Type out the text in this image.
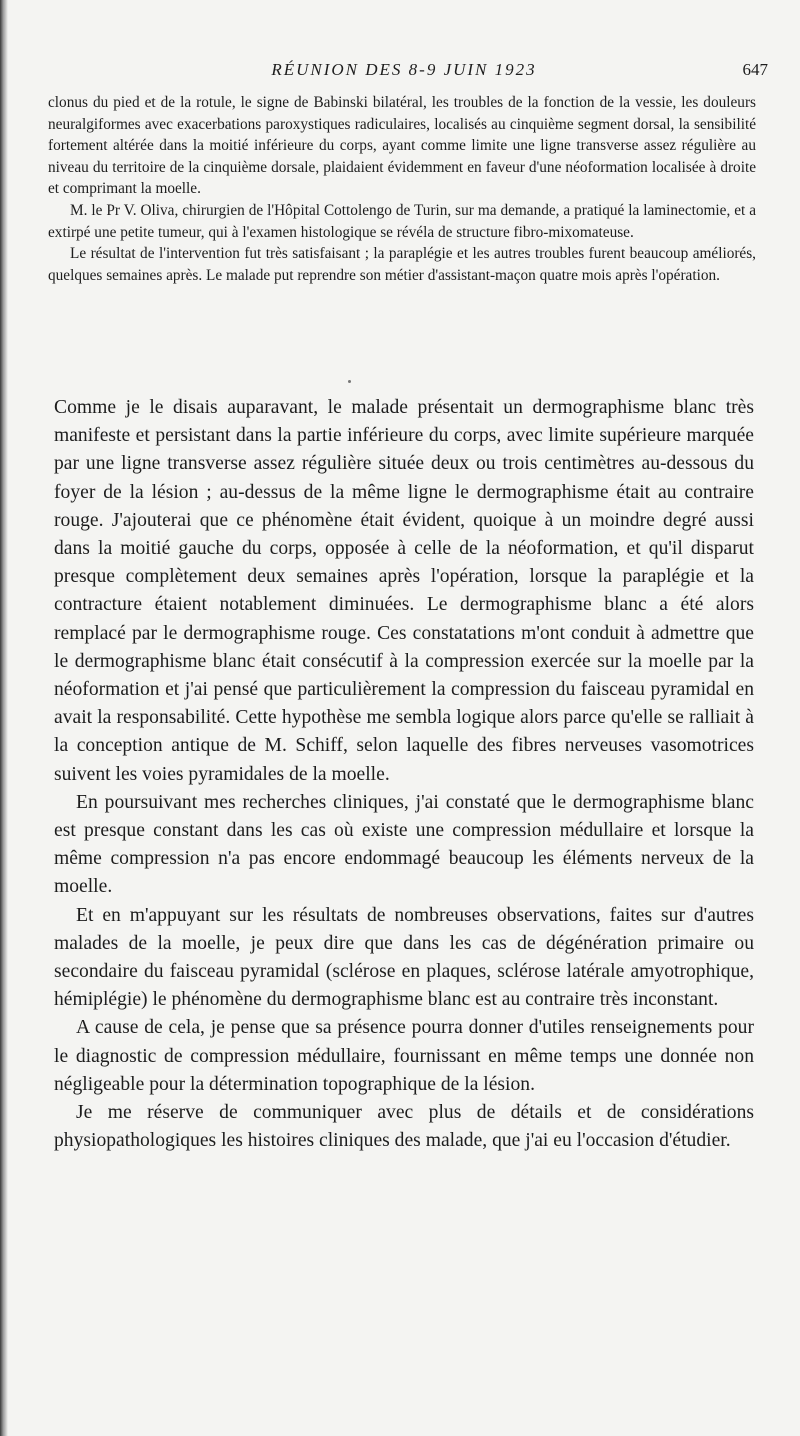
RÉUNION DES 8-9 JUIN 1923	647

clonus du pied et de la rotule, le signe de Babinski bilatéral, les troubles de la fonction de la vessie, les douleurs neuralgiformes avec exacerbations paroxystiques radiculaires, localisés au cinquième segment dorsal, la sensibilité fortement altérée dans la moitié inférieure du corps, ayant comme limite une ligne transverse assez régulière au niveau du territoire de la cinquième dorsale, plaidaient évidemment en faveur d'une néoformation localisée à droite et comprimant la moelle.

M. le Pr V. Oliva, chirurgien de l'Hôpital Cottolengo de Turin, sur ma demande, a pratiqué la laminectomie, et a extirpé une petite tumeur, qui à l'examen histologique se révéla de structure fibro-mixomateuse.

Le résultat de l'intervention fut très satisfaisant ; la paraplégie et les autres troubles furent beaucoup améliorés, quelques semaines après. Le malade put reprendre son métier d'assistant-maçon quatre mois après l'opération.

Comme je le disais auparavant, le malade présentait un dermographisme blanc très manifeste et persistant dans la partie inférieure du corps, avec limite supérieure marquée par une ligne transverse assez régulière située deux ou trois centimètres au-dessous du foyer de la lésion ; au-dessus de la même ligne le dermographisme était au contraire rouge. J'ajouterai que ce phénomène était évident, quoique à un moindre degré aussi dans la moitié gauche du corps, opposée à celle de la néoformation, et qu'il disparut presque complètement deux semaines après l'opération, lorsque la paraplégie et la contracture étaient notablement diminuées. Le dermographisme blanc a été alors remplacé par le dermographisme rouge. Ces constatations m'ont conduit à admettre que le dermographisme blanc était consécutif à la compression exercée sur la moelle par la néoformation et j'ai pensé que particulièrement la compression du faisceau pyramidal en avait la responsabilité. Cette hypothèse me sembla logique alors parce qu'elle se ralliait à la conception antique de M. Schiff, selon laquelle des fibres nerveuses vasomotrices suivent les voies pyramidales de la moelle.

En poursuivant mes recherches cliniques, j'ai constaté que le dermographisme blanc est presque constant dans les cas où existe une compression médullaire et lorsque la même compression n'a pas encore endommagé beaucoup les éléments nerveux de la moelle.

Et en m'appuyant sur les résultats de nombreuses observations, faites sur d'autres malades de la moelle, je peux dire que dans les cas de dégénération primaire ou secondaire du faisceau pyramidal (sclérose en plaques, sclérose latérale amyotrophique, hémiplégie) le phénomène du dermographisme blanc est au contraire très inconstant.

A cause de cela, je pense que sa présence pourra donner d'utiles renseignements pour le diagnostic de compression médullaire, fournissant en même temps une donnée non négligeable pour la détermination topographique de la lésion.

Je me réserve de communiquer avec plus de détails et de considérations physiopathologiques les histoires cliniques des malade, que j'ai eu l'occasion d'étudier.
